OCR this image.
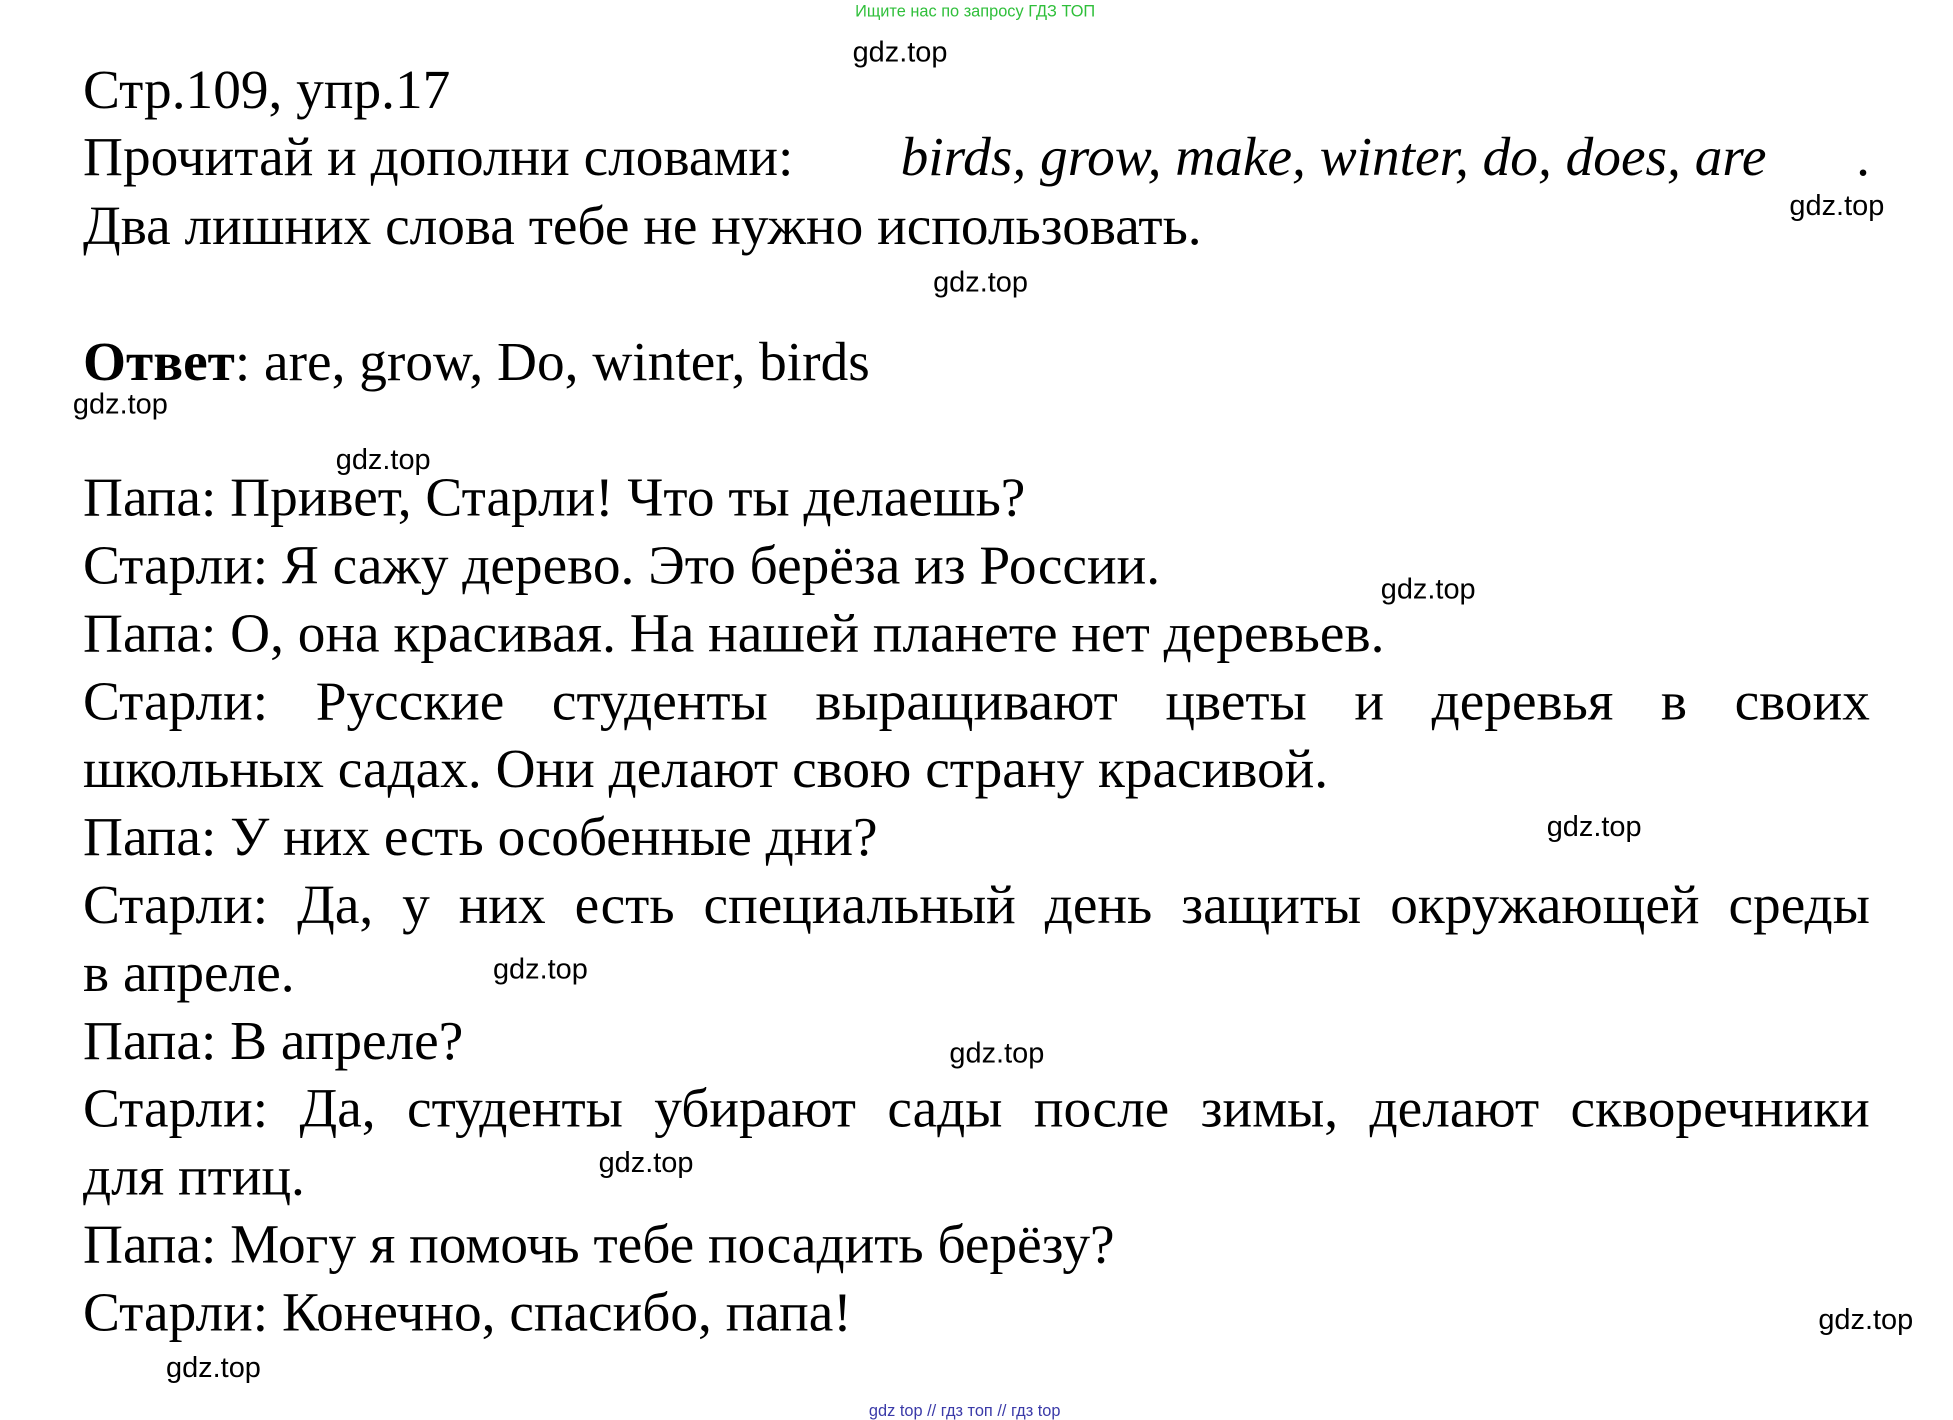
Ищите нас по запросу ГДЗ ТОП
Стр.109, упр.17
Прочитай и дополни словами:	birds, grow, make, winter, do, does, are .
Два лишних слова тебе не нужно использовать.
Ответ: are, grow, Do, winter, birds
Папа: Привет, Старли! Что ты делаешь?
Старли: Я сажу дерево. Это берёза из России.
Папа: О, она красивая. На нашей планете нет деревьев.
Старли: Русские студенты выращивают цветы и деревья в своих
школьных садах. Они делают свою страну красивой.
Папа: У них есть особенные дни?
Старли: Да, у них есть специальный день защиты окружающей среды
в апреле.
Папа: В апреле?
Старли: Да, студенты убирают сады после зимы, делают скворечники
для птиц.
Папа: Могу я помочь тебе посадить берёзу?
Старли: Конечно, спасибо, папа!
gdz.top
gdz.top
gdz.top
gdz.top
gdz.top
gdz.top
gdz.top
gdz.top
gdz.top
gdz.top
gdz.top
gdz.top
gdz top // гдз топ // гдз top
